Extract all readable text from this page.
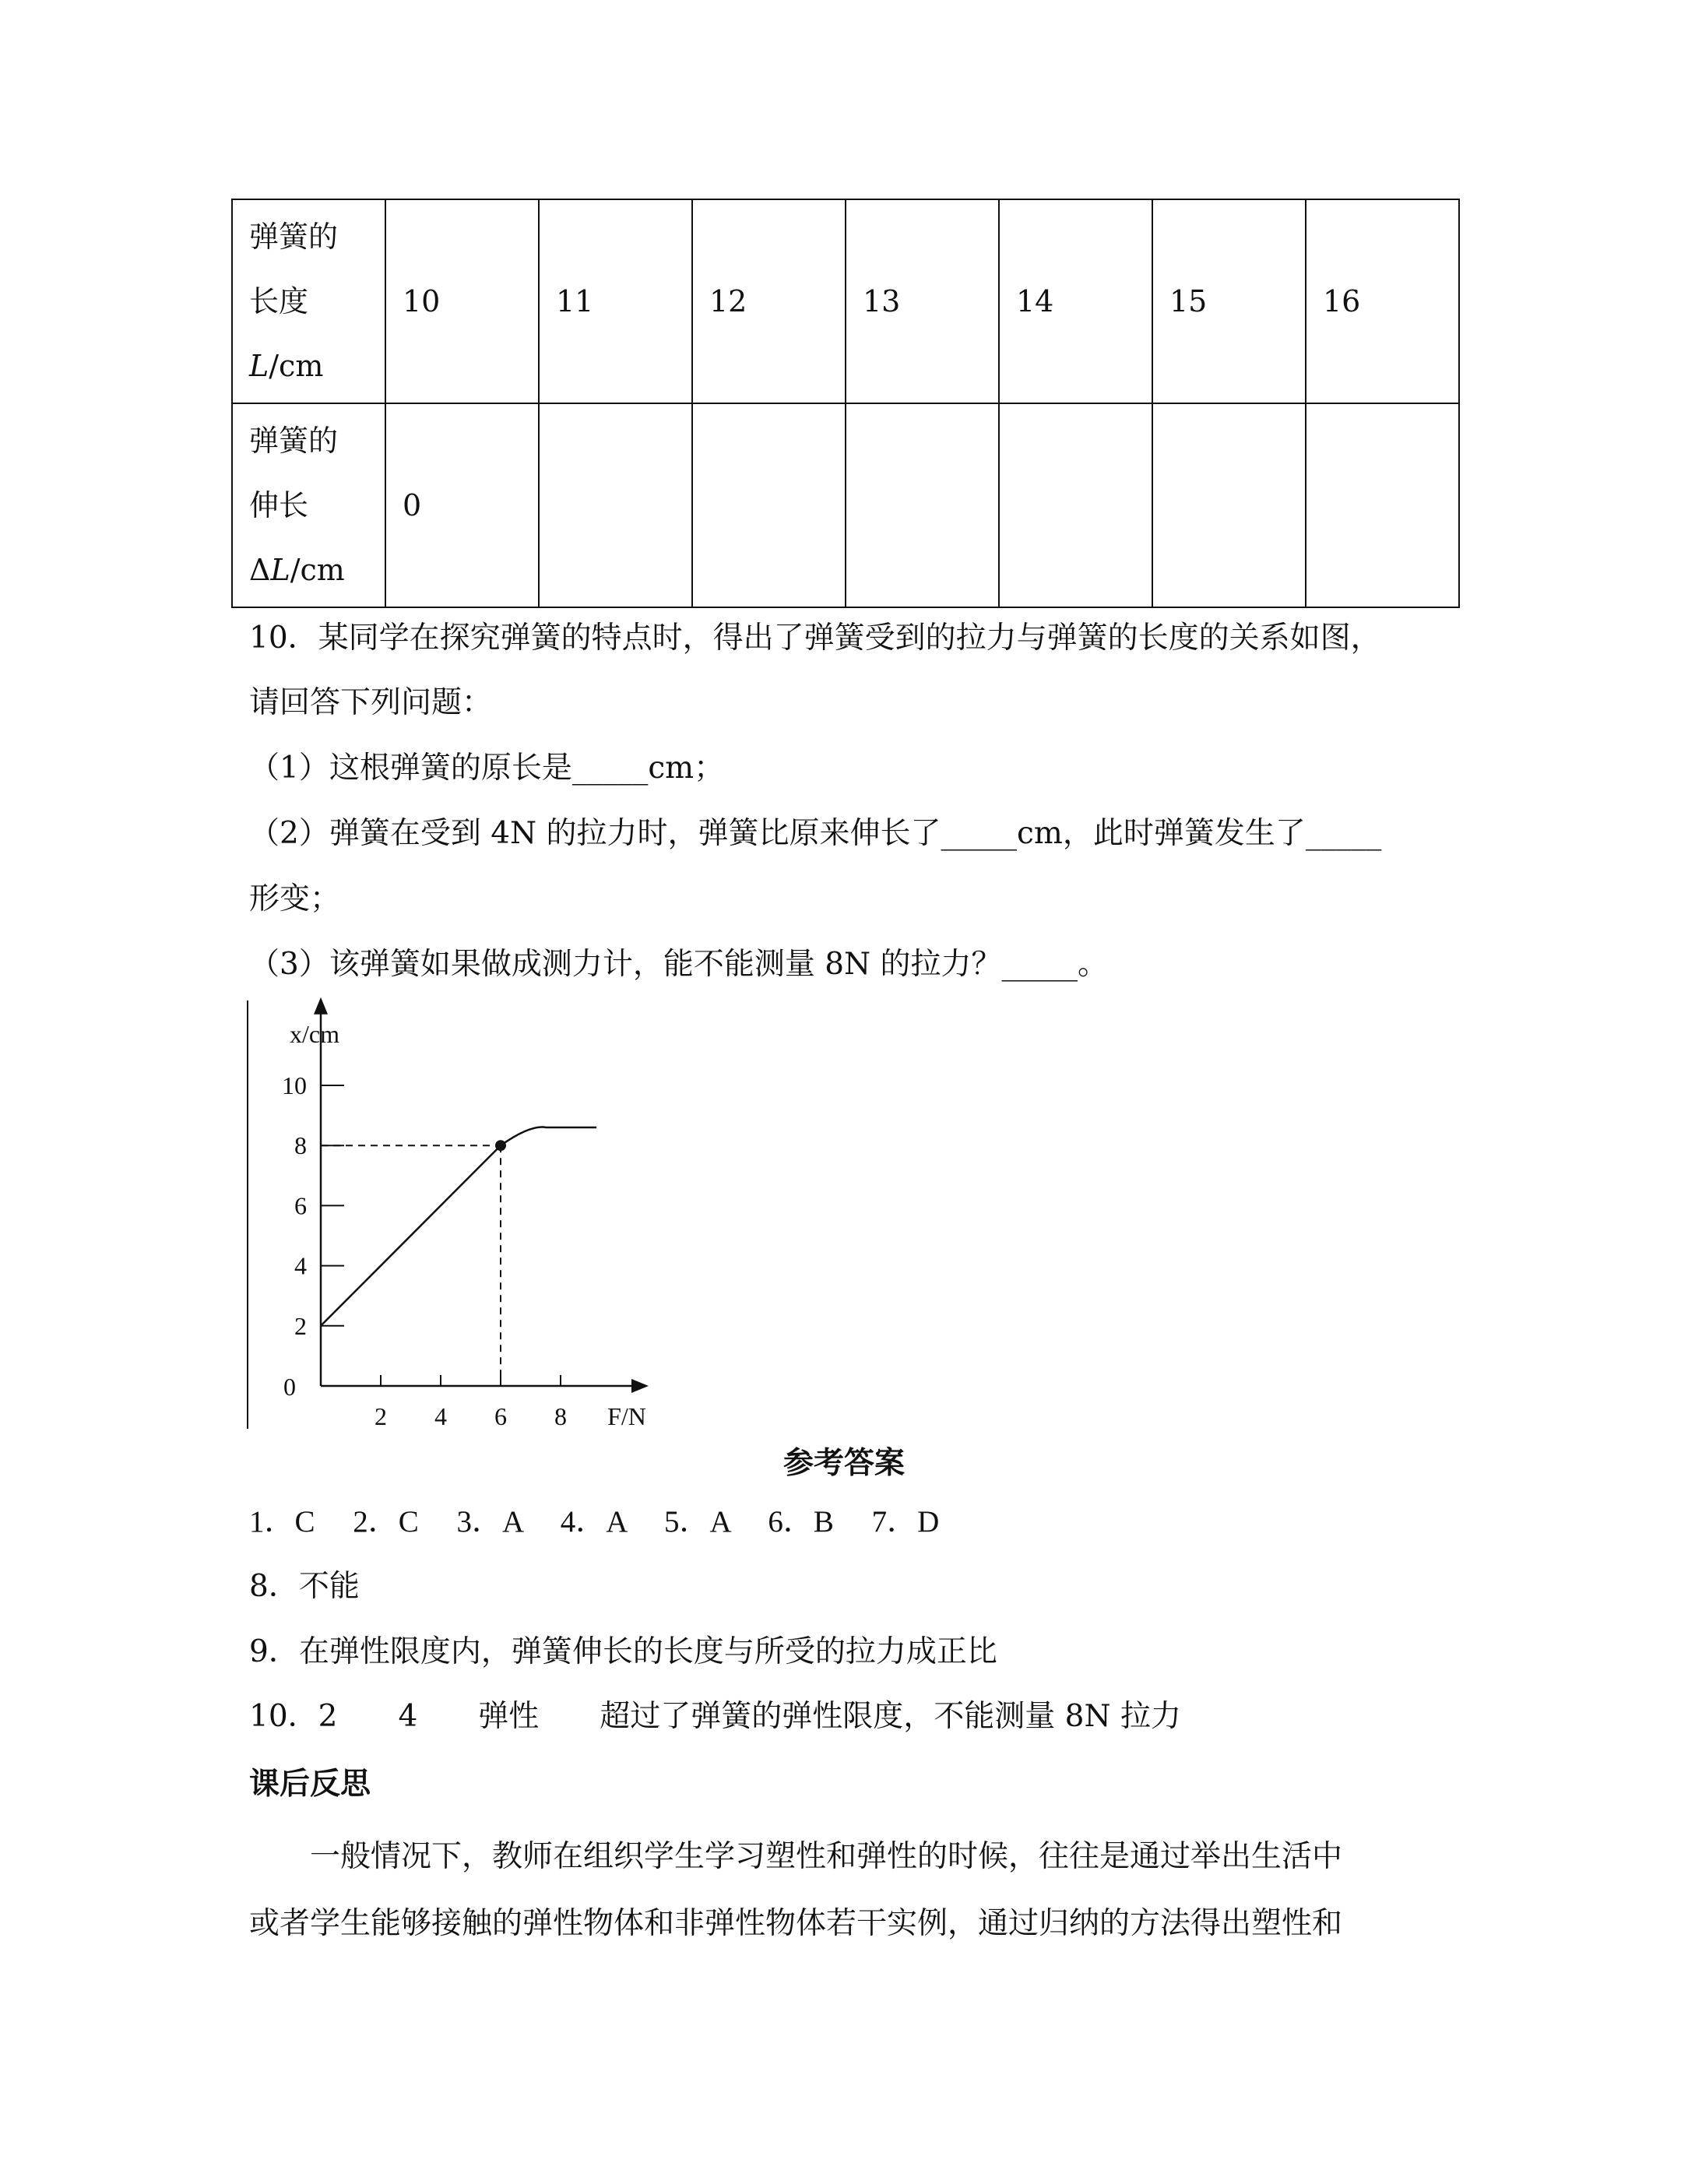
弹簧的
长度
L/cm	10	11	12	13	14	15	16

弹簧的
伸长
ΔL/cm	0						
10．某同学在探究弹簧的特点时，得出了弹簧受到的拉力与弹簧的长度的关系如图，
请回答下列问题：
（1）这根弹簧的原长是_____cm；
（2）弹簧在受到 4N 的拉力时，弹簧比原来伸长了_____cm，此时弹簧发生了_____
形变；
（3）该弹簧如果做成测力计，能不能测量 8N 的拉力？_____。
2 4 6 8
2
4
6
8
10
0
F/N
x/cm
参考答案
1．C　 2．C　 3．A　 4．A　 5．A　 6．B　 7．D
8．不能
9．在弹性限度内，弹簧伸长的长度与所受的拉力成正比
10．2　　4　　弹性　　超过了弹簧的弹性限度，不能测量 8N 拉力
课后反思
　　一般情况下，教师在组织学生学习塑性和弹性的时候，往往是通过举出生活中
或者学生能够接触的弹性物体和非弹性物体若干实例，通过归纳的方法得出塑性和
